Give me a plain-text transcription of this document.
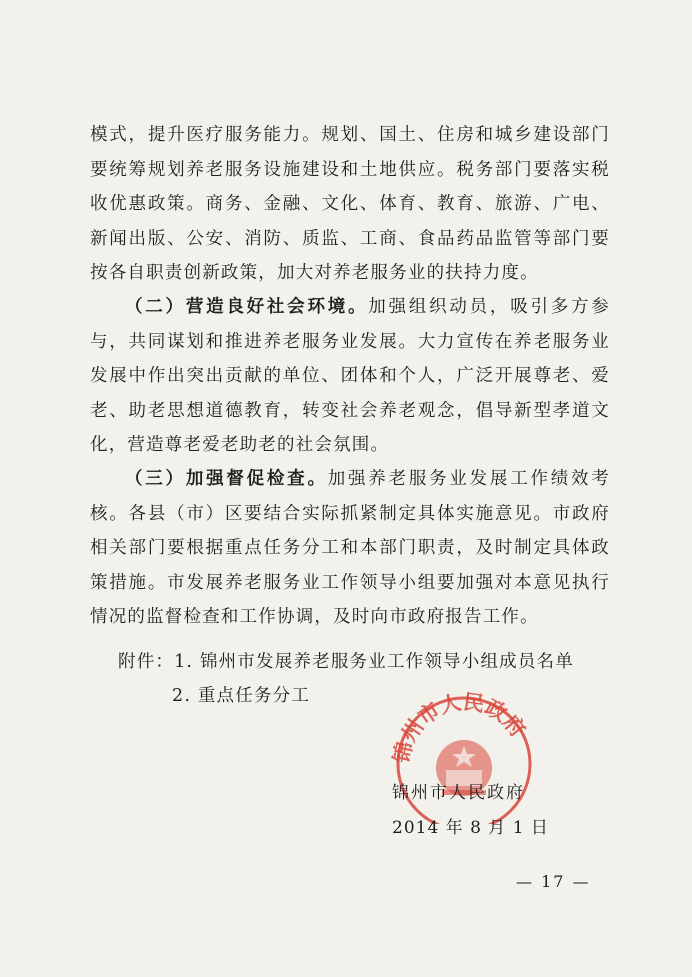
模式，提升医疗服务能力。规划、国土、住房和城乡建设部门要统筹规划养老服务设施建设和土地供应。税务部门要落实税收优惠政策。商务、金融、文化、体育、教育、旅游、广电、新闻出版、公安、消防、质监、工商、食品药品监管等部门要按各自职责创新政策，加大对养老服务业的扶持力度。

（二）营造良好社会环境。加强组织动员，吸引多方参与，共同谋划和推进养老服务业发展。大力宣传在养老服务业发展中作出突出贡献的单位、团体和个人，广泛开展尊老、爱老、助老思想道德教育，转变社会养老观念，倡导新型孝道文化，营造尊老爱老助老的社会氛围。

（三）加强督促检查。加强养老服务业发展工作绩效考核。各县（市）区要结合实际抓紧制定具体实施意见。市政府相关部门要根据重点任务分工和本部门职责，及时制定具体政策措施。市发展养老服务业工作领导小组要加强对本意见执行情况的监督检查和工作协调，及时向市政府报告工作。

附件：1. 锦州市发展养老服务业工作领导小组成员名单

2. 重点任务分工

锦州市人民政府

锦州市人民政府

2014 年 8 月 1 日

— 17 —
